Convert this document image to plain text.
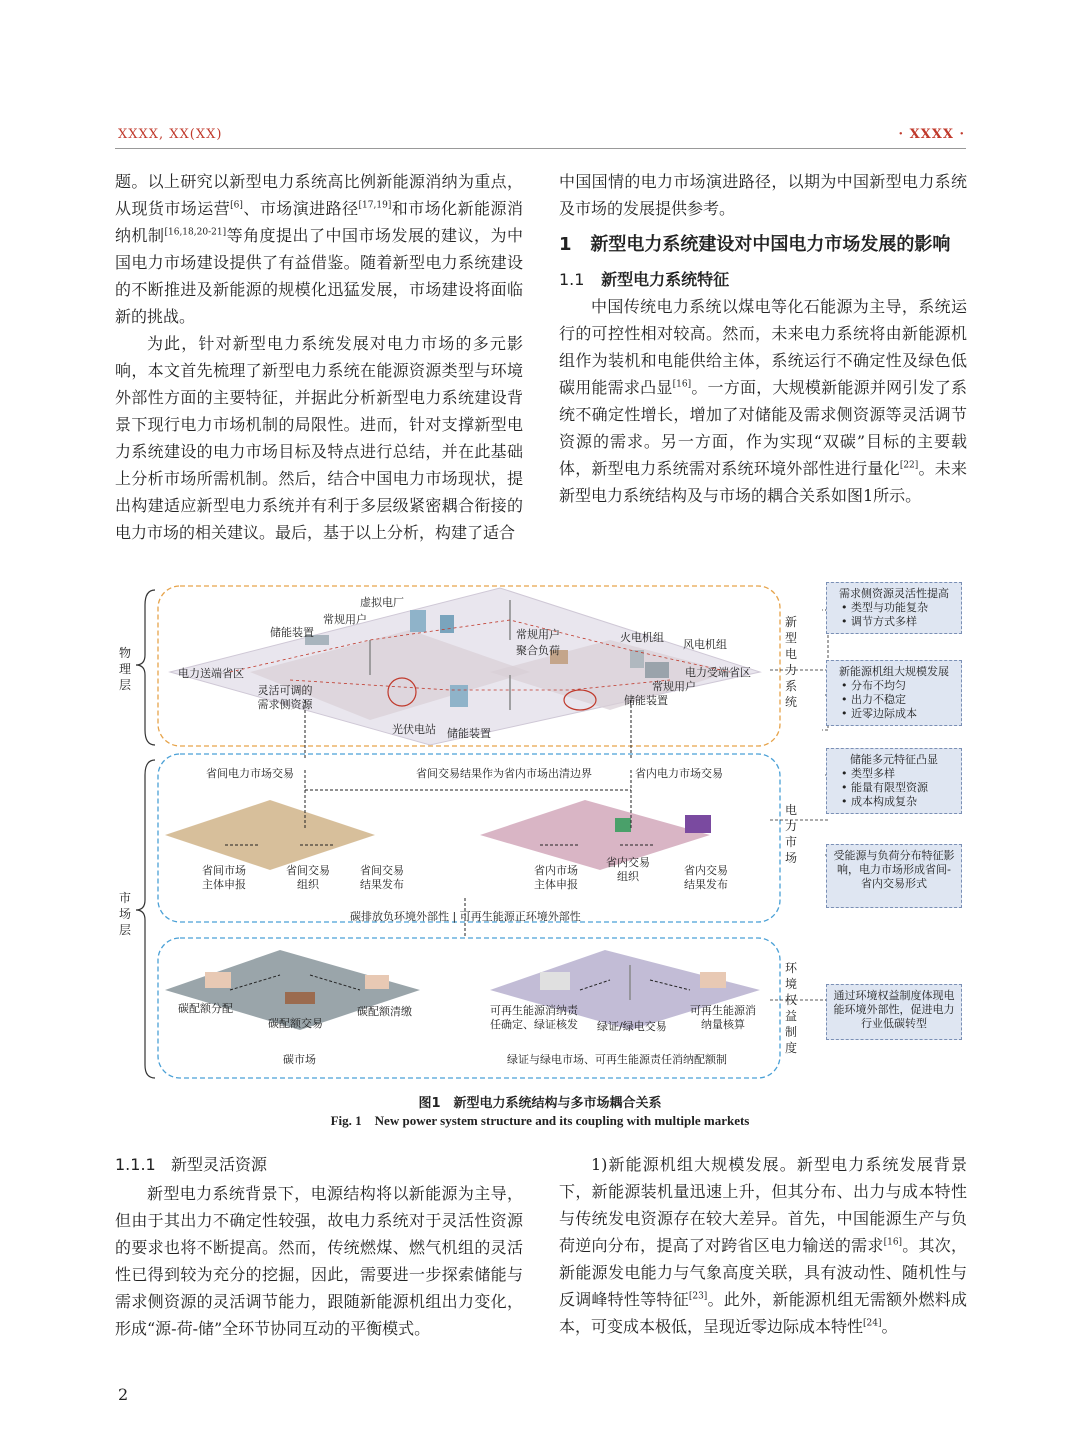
XXXX, XX(XX)	· XXXX ·

题。以上研究以新型电力系统高比例新能源消纳为重点，从现货市场运营[6]、市场演进路径[17,19]和市场化新能源消纳机制[16,18,20-21]等角度提出了中国市场发展的建议，为中国电力市场建设提供了有益借鉴。随着新型电力系统建设的不断推进及新能源的规模化迅猛发展，市场建设将面临新的挑战。

为此，针对新型电力系统发展对电力市场的多元影响，本文首先梳理了新型电力系统在能源资源类型与环境外部性方面的主要特征，并据此分析新型电力系统建设背景下现行电力市场机制的局限性。进而，针对支撑新型电力系统建设的电力市场目标及特点进行总结，并在此基础上分析市场所需机制。然后，结合中国电力市场现状，提出构建适应新型电力系统并有利于多层级紧密耦合衔接的电力市场的相关建议。最后，基于以上分析，构建了适合

中国国情的电力市场演进路径，以期为中国新型电力系统及市场的发展提供参考。

1 新型电力系统建设对中国电力市场发展的影响
1.1 新型电力系统特征

中国传统电力系统以煤电等化石能源为主导，系统运行的可控性相对较高。然而，未来电力系统将由新能源机组作为装机和电能供给主体，系统运行不确定性及绿色低碳用能需求凸显[16]。一方面，大规模新能源并网引发了系统不确定性增长，增加了对储能及需求侧资源等灵活调节资源的需求。另一方面，作为实现“双碳”目标的主要载体，新型电力系统需对系统环境外部性进行量化[22]。未来新型电力系统结构及与市场的耦合关系如图1所示。

物理层
市场层
虚拟电厂
常规用户
储能装置	常规用户
聚合负荷
火电机组
风电机组
电力送端省区	电力受端省区
灵活可调的需求侧资源
常规用户
储能装置
光伏电站 储能装置
新型电力系统
电力市场
环境权益制度
省间电力市场交易	省间交易结果作为省内市场出清边界	省内电力市场交易
省间市场主体申报
省间交易组织
省间交易结果发布
省内市场主体申报
省内交易组织	省内交易结果发布
碳排放负环境外部性 | 可再生能源正环境外部性
碳配额分配
碳配额交易
碳配额清缴
碳市场
可再生能源消纳责任确定、绿证核发	绿证/绿电交易
可再生能源消纳量核算
绿证与绿电市场、可再生能源责任消纳配额制
需求侧资源灵活性提高
• 类型与功能复杂
• 调节方式多样
新能源机组大规模发展
• 分布不均匀
• 出力不稳定
• 近零边际成本
储能多元特征凸显
• 类型多样
• 能量有限型资源
• 成本构成复杂
受能源与负荷分布特征影响，电力市场形成省间-省内交易形式
通过环境权益制度体现电能环境外部性，促进电力行业低碳转型
图1　新型电力系统结构与多市场耦合关系
Fig. 1　New power system structure and its coupling with multiple markets
1.1.1 新型灵活资源

新型电力系统背景下，电源结构将以新能源为主导，但由于其出力不确定性较强，故电力系统对于灵活性资源的要求也将不断提高。然而，传统燃煤、燃气机组的灵活性已得到较为充分的挖掘，因此，需要进一步探索储能与需求侧资源的灵活调节能力，跟随新能源机组出力变化，形成“源-荷-储”全环节协同互动的平衡模式。

1)新能源机组大规模发展。新型电力系统发展背景下，新能源装机量迅速上升，但其分布、出力与成本特性与传统发电资源存在较大差异。首先，中国能源生产与负荷逆向分布，提高了对跨省区电力输送的需求[16]。其次，新能源发电能力与气象高度关联，具有波动性、随机性与反调峰特性等特征[23]。此外，新能源机组无需额外燃料成本，可变成本极低，呈现近零边际成本特性[24]。

2
